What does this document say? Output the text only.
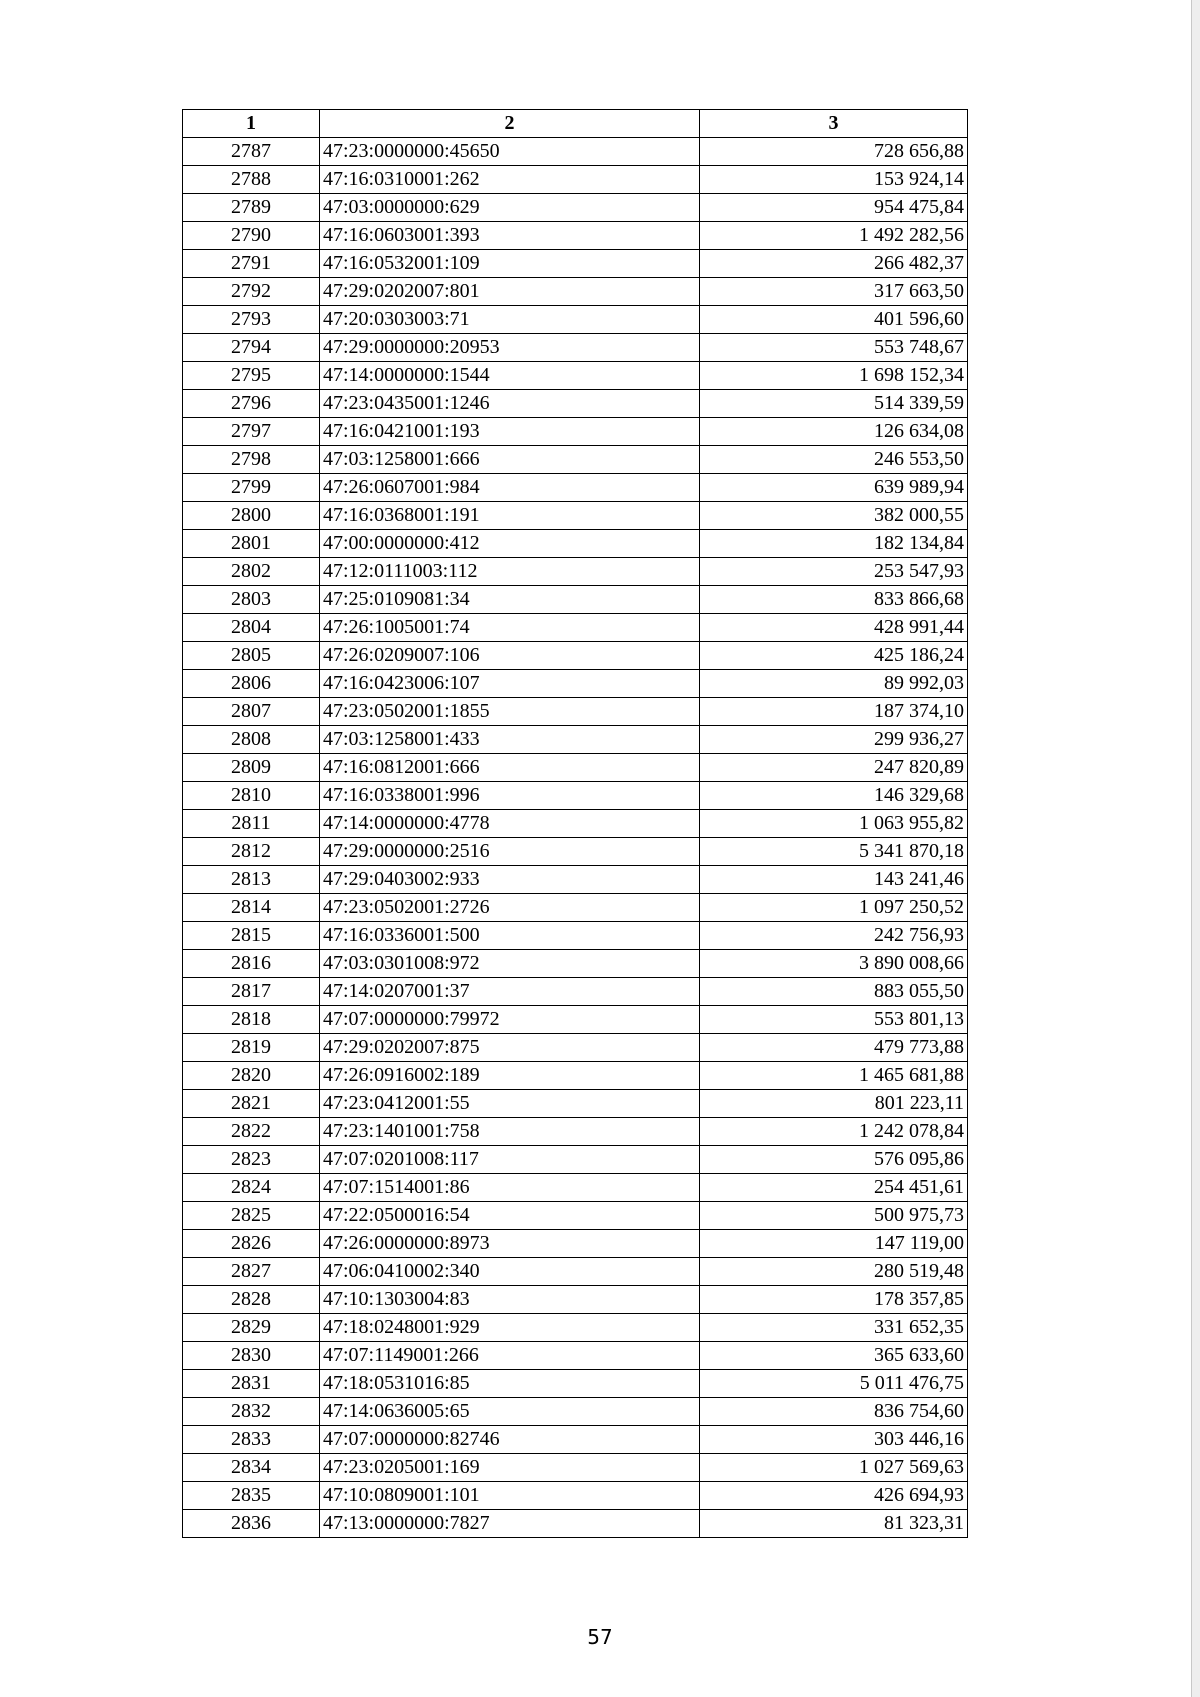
1	2	3
2787	47:23:0000000:45650	728 656,88
2788	47:16:0310001:262	153 924,14
2789	47:03:0000000:629	954 475,84
2790	47:16:0603001:393	1 492 282,56
2791	47:16:0532001:109	266 482,37
2792	47:29:0202007:801	317 663,50
2793	47:20:0303003:71	401 596,60
2794	47:29:0000000:20953	553 748,67
2795	47:14:0000000:1544	1 698 152,34
2796	47:23:0435001:1246	514 339,59
2797	47:16:0421001:193	126 634,08
2798	47:03:1258001:666	246 553,50
2799	47:26:0607001:984	639 989,94
2800	47:16:0368001:191	382 000,55
2801	47:00:0000000:412	182 134,84
2802	47:12:0111003:112	253 547,93
2803	47:25:0109081:34	833 866,68
2804	47:26:1005001:74	428 991,44
2805	47:26:0209007:106	425 186,24
2806	47:16:0423006:107	89 992,03
2807	47:23:0502001:1855	187 374,10
2808	47:03:1258001:433	299 936,27
2809	47:16:0812001:666	247 820,89
2810	47:16:0338001:996	146 329,68
2811	47:14:0000000:4778	1 063 955,82
2812	47:29:0000000:2516	5 341 870,18
2813	47:29:0403002:933	143 241,46
2814	47:23:0502001:2726	1 097 250,52
2815	47:16:0336001:500	242 756,93
2816	47:03:0301008:972	3 890 008,66
2817	47:14:0207001:37	883 055,50
2818	47:07:0000000:79972	553 801,13
2819	47:29:0202007:875	479 773,88
2820	47:26:0916002:189	1 465 681,88
2821	47:23:0412001:55	801 223,11
2822	47:23:1401001:758	1 242 078,84
2823	47:07:0201008:117	576 095,86
2824	47:07:1514001:86	254 451,61
2825	47:22:0500016:54	500 975,73
2826	47:26:0000000:8973	147 119,00
2827	47:06:0410002:340	280 519,48
2828	47:10:1303004:83	178 357,85
2829	47:18:0248001:929	331 652,35
2830	47:07:1149001:266	365 633,60
2831	47:18:0531016:85	5 011 476,75
2832	47:14:0636005:65	836 754,60
2833	47:07:0000000:82746	303 446,16
2834	47:23:0205001:169	1 027 569,63
2835	47:10:0809001:101	426 694,93
2836	47:13:0000000:7827	81 323,31
57
